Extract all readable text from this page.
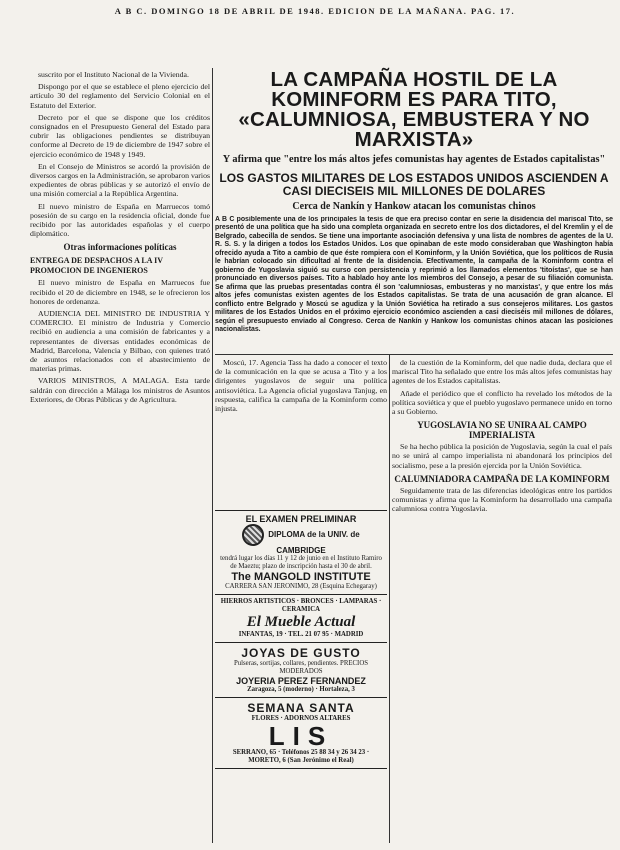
A B C. DOMINGO 18 DE ABRIL DE 1948. EDICION DE LA MAÑANA. PAG. 17.

suscrito por el Instituto Nacional de la Vivienda.

Dispongo por el que se establece el pleno ejercicio del artículo 30 del reglamento del Servicio Colonial en el Estatuto del Exterior.

Decreto por el que se dispone que los créditos consignados en el Presupuesto General del Estado para cubrir las obligaciones pendientes se distribuyan conforme al Decreto de 19 de diciembre de 1947 sobre el ejercicio económico de 1948 y 1949.

En el Consejo de Ministros se acordó la provisión de diversos cargos en la Administración, se aprobaron varios expedientes de obras públicas y se autorizó el envío de una misión comercial a la República Argentina.

El nuevo ministro de España en Marruecos tomó posesión de su cargo en la residencia oficial, donde fue recibido por las autoridades españolas y el cuerpo diplomático.

Otras informaciones políticas
ENTREGA DE DESPACHOS A LA IV PROMOCION DE INGENIEROS

El nuevo ministro de España en Marruecos fue recibido el 20 de diciembre en 1948, se le ofrecieron los honores de ordenanza.

AUDIENCIA DEL MINISTRO DE INDUSTRIA Y COMERCIO. El ministro de Industria y Comercio recibió en audiencia a una comisión de fabricantes y a representantes de diversas entidades económicas de Madrid, Barcelona, Valencia y Bilbao, con quienes trató de asuntos relacionados con el abastecimiento de materias primas.

VARIOS MINISTROS, A MALAGA. Esta tarde saldrán con dirección a Málaga los ministros de Asuntos Exteriores, de Obras Públicas y de Agricultura.

LA CAMPAÑA HOSTIL DE LA KOMINFORM ES PARA TITO, «CALUMNIOSA, EMBUSTERA Y NO MARXISTA»
Y afirma que "entre los más altos jefes comunistas hay agentes de Estados capitalistas"
LOS GASTOS MILITARES DE LOS ESTADOS UNIDOS ASCIENDEN A CASI DIECISEIS MIL MILLONES DE DOLARES
Cerca de Nankín y Hankow atacan los comunistas chinos
A B C posiblemente una de los principales la tesis de que era preciso contar en serie la disidencia del mariscal Tito, se presentó de una política que ha sido una completa organizada en secreto entre los dos dictadores, el del Kremlin y el de Belgrado, cabecilla de sendos. Se tiene una importante asociación defensiva y una lista de nombres de agentes de la U. R. S. S. y la dirigen a todos los Estados Unidos. Los que opinaban de este modo consideraban que Washington había ofrecido ayuda a Tito a cambio de que éste rompiera con el Kominform, y la Unión Soviética, que los políticos de Rusia le habrían colocado sin dificultad al frente de la disidencia. Efectivamente, la campaña de la Kominform contra el gobierno de Yugoslavia siguió su curso con persistencia y reprimió a los llamados elementos 'titoístas', que se han pronunciado en diversos países. Tito a hablado hoy ante los miembros del Consejo, a pesar de su filiación comunista. Se afirma que las pruebas presentadas contra él son 'calumniosas, embusteras y no marxistas', y que entre los más altos jefes comunistas existen agentes de los Estados capitalistas. Se trata de una acusación de gran alcance. El conflicto entre Belgrado y Moscú se agudiza y la Unión Soviética ha retirado a sus consejeros militares. Los gastos militares de los Estados Unidos en el próximo ejercicio económico ascienden a casi dieciséis mil millones de dólares, según el presupuesto enviado al Congreso. Cerca de Nankín y Hankow los comunistas chinos atacan las posiciones nacionalistas.

Moscú, 17. Agencia Tass ha dado a conocer el texto de la comunicación en la que se acusa a Tito y a los dirigentes yugoslavos de seguir una política antisoviética. La Agencia oficial yugoslava Tanjug, en respuesta, califica la campaña de la Kominform como injusta.

de la cuestión de la Kominform, del que nadie duda, declara que el mariscal Tito ha señalado que entre los más altos jefes comunistas hay agentes de los Estados capitalistas.

Añade el periódico que el conflicto ha revelado los métodos de la política soviética y que el pueblo yugoslavo permanece unido en torno a su Gobierno.

YUGOSLAVIA NO SE UNIRA AL CAMPO IMPERIALISTA

Se ha hecho pública la posición de Yugoslavia, según la cual el país no se unirá al campo imperialista ni abandonará los principios del socialismo, pese a la presión ejercida por la Unión Soviética.

CALUMNIADORA CAMPAÑA DE LA KOMINFORM

Seguidamente trata de las diferencias ideológicas entre los partidos comunistas y afirma que la Kominform ha desarrollado una campaña calumniosa contra Yugoslavia.

EL EXAMEN PRELIMINAR
DIPLOMA de la UNIV. de CAMBRIDGE
tendrá lugar los días 11 y 12 de junio en el Instituto Ramiro de Maeztu; plazo de inscripción hasta el 30 de abril.
The MANGOLD INSTITUTE
CARRERA SAN JERONIMO, 28 (Esquina Echegaray)
HIERROS ARTISTICOS · BRONCES · LAMPARAS · CERAMICA
El Mueble Actual
INFANTAS, 19 · TEL. 21 07 95 · MADRID
JOYAS DE GUSTO
Pulseras, sortijas, collares, pendientes. PRECIOS MODERADOS
JOYERIA PEREZ FERNANDEZ
Zaragoza, 5 (moderno) · Hortaleza, 3
SEMANA SANTA
FLORES · ADORNOS ALTARES
LIS
SERRANO, 65 · Teléfonos 25 88 34 y 26 34 23 · MORETO, 6 (San Jerónimo el Real)
